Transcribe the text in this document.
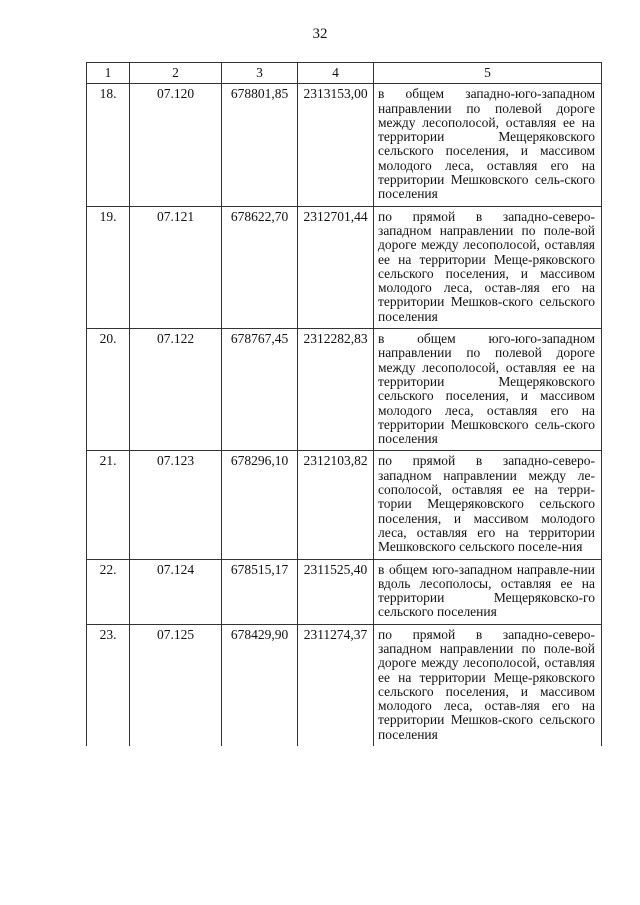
32
1	2	3	4	5
18.	07.120	678801,85	2313153,00	в общем западно-юго-западном направлении по полевой дороге между лесополосой, оставляя ее на территории Мещеряковского сельского поселения, и массивом молодого леса, оставляя его на территории Мешковского сель-ского поселения
19.	07.121	678622,70	2312701,44	по прямой в западно-северо-западном направлении по поле-вой дороге между лесополосой, оставляя ее на территории Меще-ряковского сельского поселения, и массивом молодого леса, остав-ляя его на территории Мешков-ского сельского поселения
20.	07.122	678767,45	2312282,83	в общем юго-юго-западном направлении по полевой дороге между лесополосой, оставляя ее на территории Мещеряковского сельского поселения, и массивом молодого леса, оставляя его на территории Мешковского сель-ского поселения
21.	07.123	678296,10	2312103,82	по прямой в западно-северо-западном направлении между ле-сополосой, оставляя ее на терри-тории Мещеряковского сельского поселения, и массивом молодого леса, оставляя его на территории Мешковского сельского поселе-ния
22.	07.124	678515,17	2311525,40	в общем юго-западном направле-нии вдоль лесополосы, оставляя ее на территории Мещеряковско-го сельского поселения
23.	07.125	678429,90	2311274,37	по прямой в западно-северо-западном направлении по поле-вой дороге между лесополосой, оставляя ее на территории Меще-ряковского сельского поселения, и массивом молодого леса, остав-ляя его на территории Мешков-ского сельского поселения
